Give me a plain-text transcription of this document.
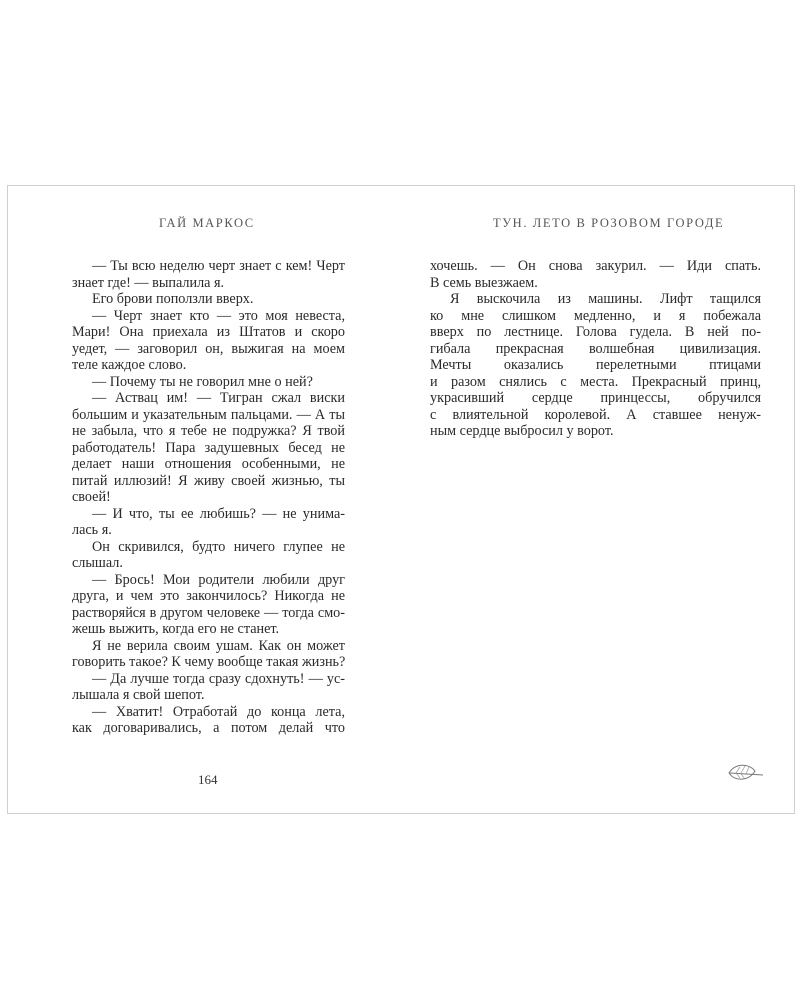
ГАЙ МАРКОС	ТУН. ЛЕТО В РОЗОВОМ ГОРОДЕ
— Ты всю неделю черт знает с кем! Черт
знает где! — выпалила я.
Его брови поползли вверх.
— Черт знает кто — это моя невеста,
Мари! Она приехала из Штатов и скоро
уедет, — заговорил он, выжигая на моем
теле каждое слово.
— Почему ты не говорил мне о ней?
— Аствац им! — Тигран сжал виски
большим и указательным пальцами. — А ты
не забыла, что я тебе не подружка? Я твой
работодатель! Пара задушевных бесед не
делает наши отношения особенными, не
питай иллюзий! Я живу своей жизнью, ты
своей!
— И что, ты ее любишь? — не унима-
лась я.
Он скривился, будто ничего глупее не
слышал.
— Брось! Мои родители любили друг
друга, и чем это закончилось? Никогда не
растворяйся в другом человеке — тогда смо-
жешь выжить, когда его не станет.
Я не верила своим ушам. Как он может
говорить такое? К чему вообще такая жизнь?
— Да лучше тогда сразу сдохнуть! — ус-
лышала я свой шепот.
— Хватит! Отработай до конца лета,
как договаривались, а потом делай что
хочешь. — Он снова закурил. — Иди спать.
В семь выезжаем.
Я выскочила из машины. Лифт тащился
ко мне слишком медленно, и я побежала
вверх по лестнице. Голова гудела. В ней по-
гибала прекрасная волшебная цивилизация.
Мечты оказались перелетными птицами
и разом снялись с места. Прекрасный принц,
украсивший сердце принцессы, обручился
с влиятельной королевой. А ставшее ненуж-
ным сердце выбросил у ворот.
164
